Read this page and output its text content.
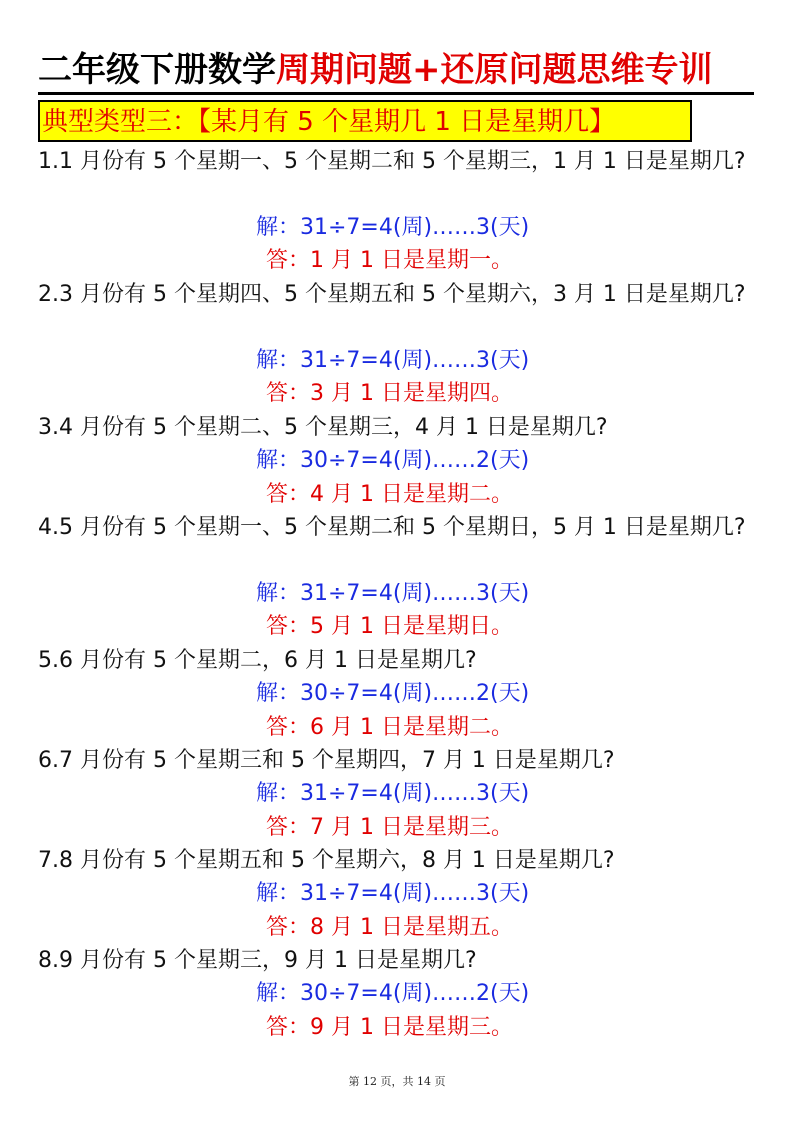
二年级下册数学周期问题+还原问题思维专训
典型类型三：【某月有 5 个星期几 1 日是星期几】
1.1 月份有 5 个星期一、5 个星期二和 5 个星期三，1 月 1 日是星期几?
解：31÷7=4(周)……3(天)
答：1 月 1 日是星期一。
2.3 月份有 5 个星期四、5 个星期五和 5 个星期六，3 月 1 日是星期几?
解：31÷7=4(周)……3(天)
答：3 月 1 日是星期四。
3.4 月份有 5 个星期二、5 个星期三，4 月 1 日是星期几?
解：30÷7=4(周)……2(天)
答：4 月 1 日是星期二。
4.5 月份有 5 个星期一、5 个星期二和 5 个星期日，5 月 1 日是星期几?
解：31÷7=4(周)……3(天)
答：5 月 1 日是星期日。
5.6 月份有 5 个星期二，6 月 1 日是星期几?
解：30÷7=4(周)……2(天)
答：6 月 1 日是星期二。
6.7 月份有 5 个星期三和 5 个星期四，7 月 1 日是星期几?
解：31÷7=4(周)……3(天)
答：7 月 1 日是星期三。
7.8 月份有 5 个星期五和 5 个星期六，8 月 1 日是星期几?
解：31÷7=4(周)……3(天)
答：8 月 1 日是星期五。
8.9 月份有 5 个星期三，9 月 1 日是星期几?
解：30÷7=4(周)……2(天)
答：9 月 1 日是星期三。
第 12 页，共 14 页
